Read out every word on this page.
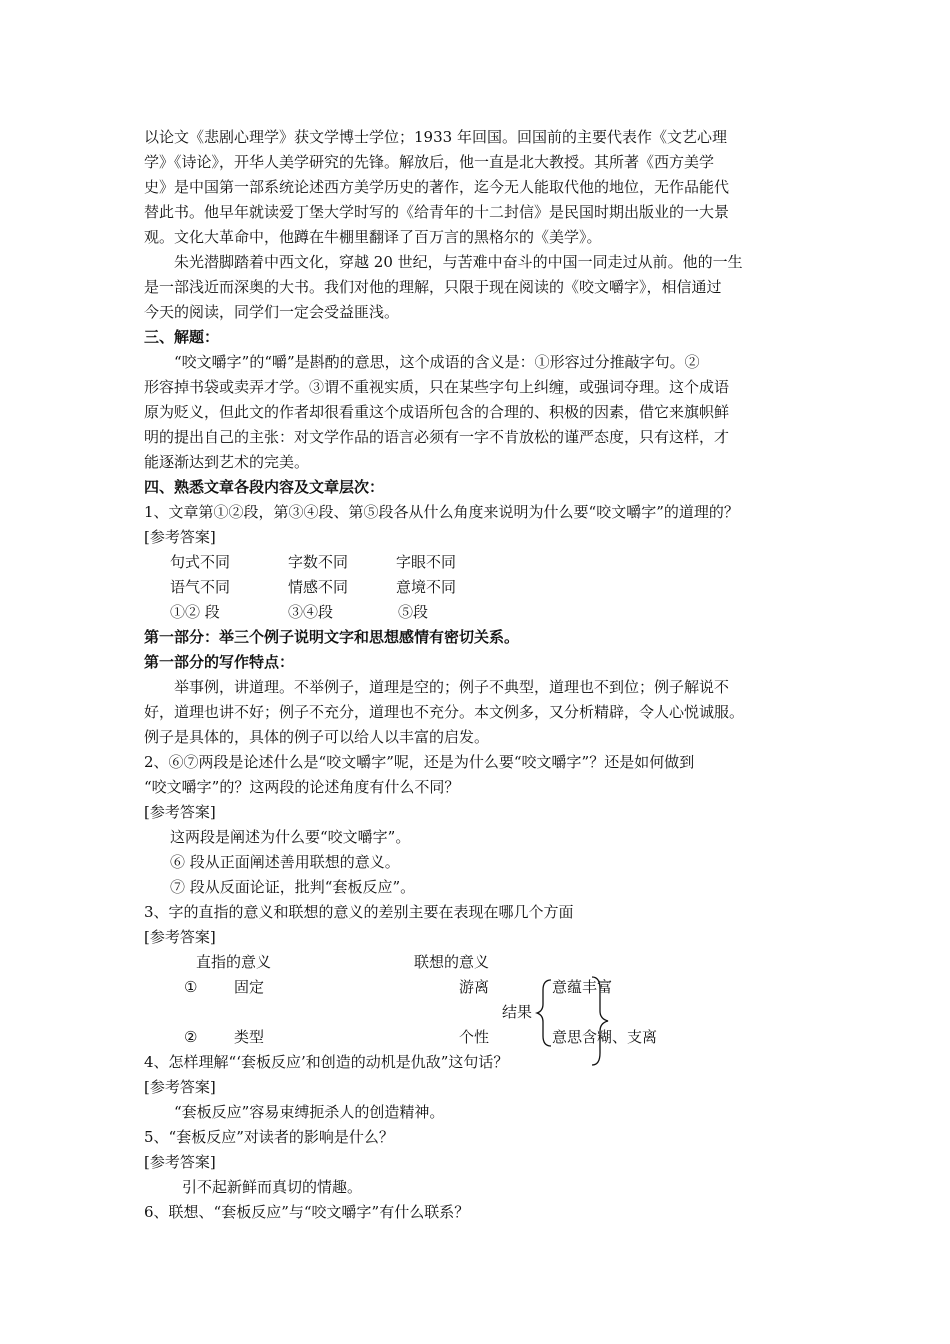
以论文《悲剧心理学》获文学博士学位；1933 年回国。回国前的主要代表作《文艺心理
学》《诗论》，开华人美学研究的先锋。解放后，他一直是北大教授。其所著《西方美学
史》是中国第一部系统论述西方美学历史的著作，迄今无人能取代他的地位，无作品能代
替此书。他早年就读爱丁堡大学时写的《给青年的十二封信》是民国时期出版业的一大景
观。文化大革命中，他蹲在牛棚里翻译了百万言的黑格尔的《美学》。
朱光潜脚踏着中西文化，穿越 20 世纪，与苦难中奋斗的中国一同走过从前。他的一生
是一部浅近而深奥的大书。我们对他的理解，只限于现在阅读的《咬文嚼字》，相信通过
今天的阅读，同学们一定会受益匪浅。
三、解题：
“咬文嚼字”的“嚼”是斟酌的意思，这个成语的含义是：①形容过分推敲字句。②
形容掉书袋或卖弄才学。③谓不重视实质，只在某些字句上纠缠，或强词夺理。这个成语
原为贬义，但此文的作者却很看重这个成语所包含的合理的、积极的因素，借它来旗帜鲜
明的提出自己的主张：对文学作品的语言必须有一字不肯放松的谨严态度，只有这样，才
能逐渐达到艺术的完美。
四、熟悉文章各段内容及文章层次：
1、文章第①②段，第③④段、第⑤段各从什么角度来说明为什么要“咬文嚼字”的道理的？
[参考答案]
句式不同	字数不同	字眼不同
语气不同	情感不同	意境不同
①② 段	③④段	⑤段
第一部分：举三个例子说明文字和思想感情有密切关系。
第一部分的写作特点：
举事例，讲道理。不举例子，道理是空的；例子不典型，道理也不到位；例子解说不
好，道理也讲不好；例子不充分，道理也不充分。本文例多，又分析精辟，令人心悦诚服。
例子是具体的，具体的例子可以给人以丰富的启发。
2、⑥⑦两段是论述什么是“咬文嚼字”呢，还是为什么要“咬文嚼字”？还是如何做到
“咬文嚼字”的？这两段的论述角度有什么不同？
[参考答案]
这两段是阐述为什么要“咬文嚼字”。
⑥ 段从正面阐述善用联想的意义。
⑦ 段从反面论证，批判“套板反应”。
3、字的直指的意义和联想的意义的差别主要在表现在哪几个方面
[参考答案]
直指的意义	联想的意义
① 固定	游离	意蕴丰富
结果
② 类型	个性	意思含糊、支离
4、怎样理解“‘套板反应’和创造的动机是仇敌”这句话？
[参考答案]
“套板反应”容易束缚扼杀人的创造精神。
5、“套板反应”对读者的影响是什么？
[参考答案]
引不起新鲜而真切的情趣。
6、联想、“套板反应”与“咬文嚼字”有什么联系？
